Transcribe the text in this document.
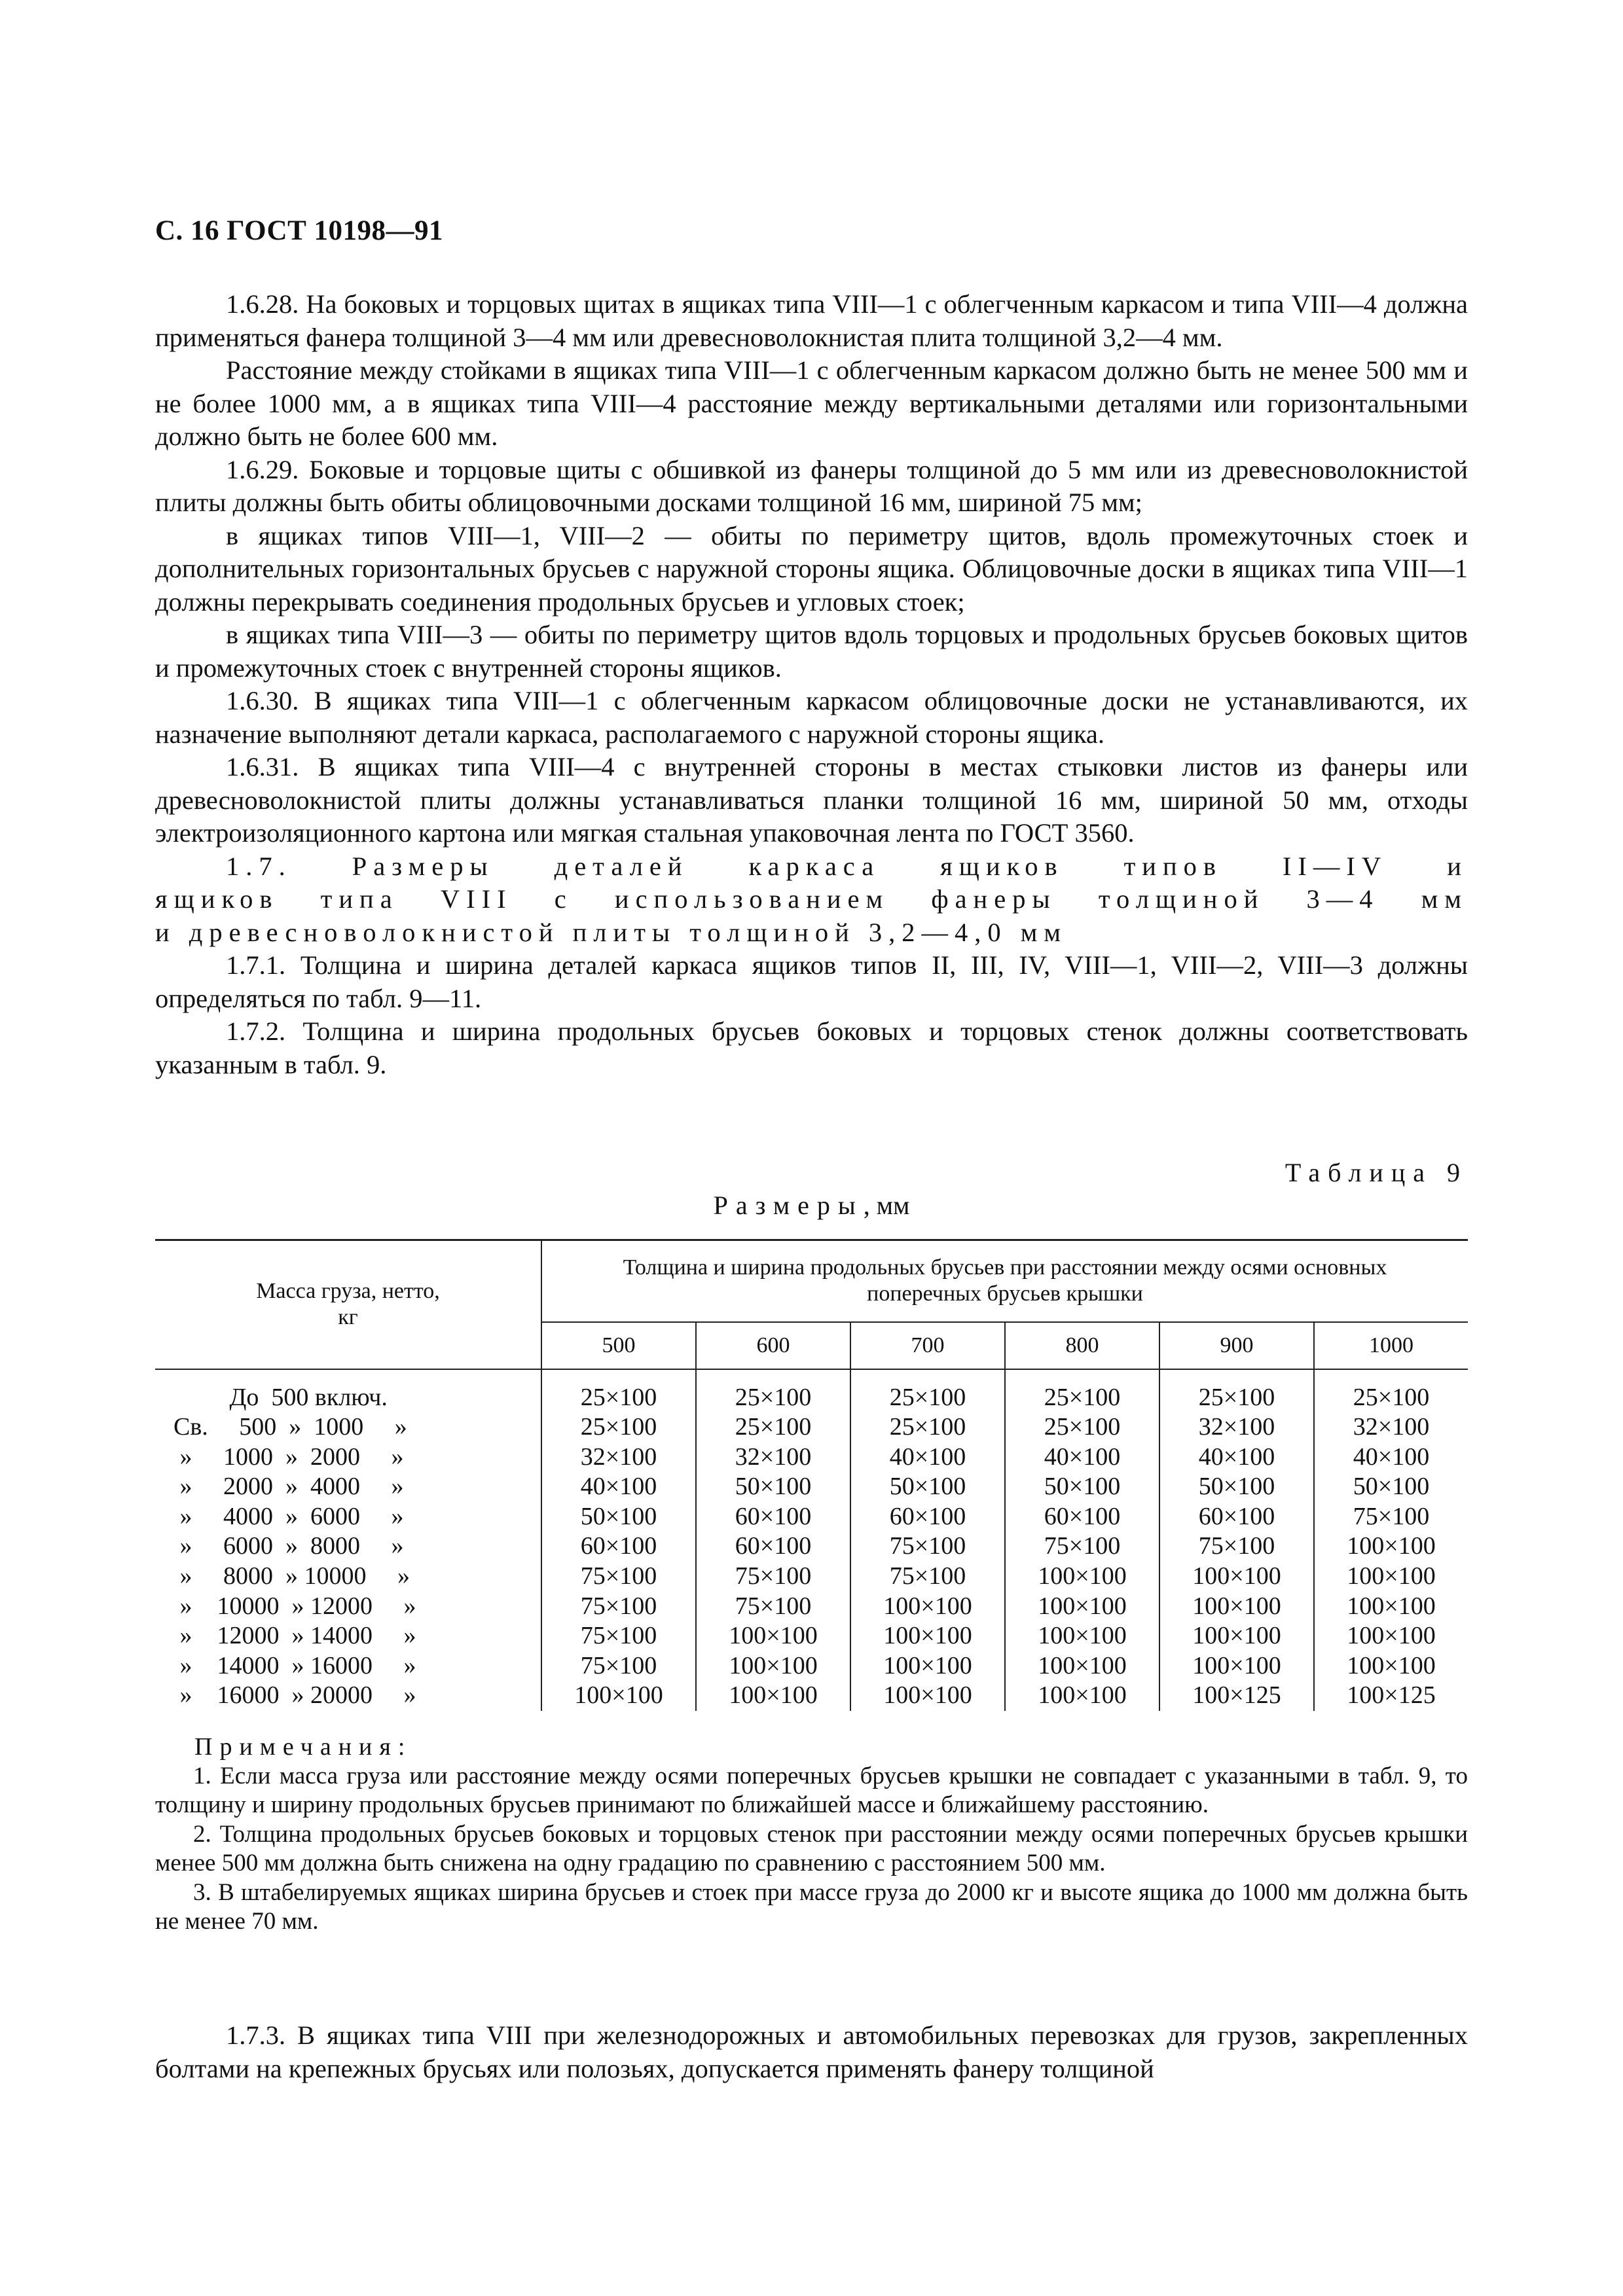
С. 16 ГОСТ 10198—91

1.6.28. На боковых и торцовых щитах в ящиках типа VIII—1 с облегченным каркасом и типа VIII—4 должна применяться фанера толщиной 3—4 мм или древесноволокнистая плита толщиной 3,2—4 мм.

Расстояние между стойками в ящиках типа VIII—1 с облегченным каркасом должно быть не менее 500 мм и не более 1000 мм, а в ящиках типа VIII—4 расстояние между вертикальными деталями или горизонтальными должно быть не более 600 мм.

1.6.29. Боковые и торцовые щиты с обшивкой из фанеры толщиной до 5 мм или из древесноволокнистой плиты должны быть обиты облицовочными досками толщиной 16 мм, шириной 75 мм;

в ящиках типов VIII—1, VIII—2 — обиты по периметру щитов, вдоль промежуточных стоек и дополнительных горизонтальных брусьев с наружной стороны ящика. Облицовочные доски в ящиках типа VIII—1 должны перекрывать соединения продольных брусьев и угловых стоек;

в ящиках типа VIII—3 — обиты по периметру щитов вдоль торцовых и продольных брусьев боковых щитов и промежуточных стоек с внутренней стороны ящиков.

1.6.30. В ящиках типа VIII—1 с облегченным каркасом облицовочные доски не устанавливаются, их назначение выполняют детали каркаса, располагаемого с наружной стороны ящика.

1.6.31. В ящиках типа VIII—4 с внутренней стороны в местах стыковки листов из фанеры или древесноволокнистой плиты должны устанавливаться планки толщиной 16 мм, шириной 50 мм, отходы электроизоляционного картона или мягкая стальная упаковочная лента по ГОСТ 3560.

1.7. Размеры деталей каркаса ящиков типов II—IV и

ящиков типа VIII с использованием фанеры толщиной 3—4 мм

и древесноволокнистой плиты толщиной 3,2—4,0 мм

1.7.1. Толщина и ширина деталей каркаса ящиков типов II, III, IV, VIII—1, VIII—2, VIII—3 должны определяться по табл. 9—11.

1.7.2. Толщина и ширина продольных брусьев боковых и торцовых стенок должны соответствовать указанным в табл. 9.

Таблица 9
Размеры, мм
Масса груза, нетто, кг	Толщина и ширина продольных брусьев при расстоянии между осями основных поперечных брусьев крышки					
	500	600	700	800	900	1000
До  500 включ.	25×100	25×100	25×100	25×100	25×100	25×100
Св.     500  »  1000     »	25×100	25×100	25×100	25×100	32×100	32×100
»     1000  »  2000     »	32×100	32×100	40×100	40×100	40×100	40×100
»     2000  »  4000     »	40×100	50×100	50×100	50×100	50×100	50×100
»     4000  »  6000     »	50×100	60×100	60×100	60×100	60×100	75×100
»     6000  »  8000     »	60×100	60×100	75×100	75×100	75×100	100×100
»     8000  » 10000     »	75×100	75×100	75×100	100×100	100×100	100×100
»    10000  » 12000     »	75×100	75×100	100×100	100×100	100×100	100×100
»    12000  » 14000     »	75×100	100×100	100×100	100×100	100×100	100×100
»    14000  » 16000     »	75×100	100×100	100×100	100×100	100×100	100×100
»    16000  » 20000     »	100×100	100×100	100×100	100×100	100×125	100×125

Примечания:

1. Если масса груза или расстояние между осями поперечных брусьев крышки не совпадает с указанными в табл. 9, то толщину и ширину продольных брусьев принимают по ближайшей массе и ближайшему расстоянию.

2. Толщина продольных брусьев боковых и торцовых стенок при расстоянии между осями поперечных брусьев крышки менее 500 мм должна быть снижена на одну градацию по сравнению с расстоянием 500 мм.

3. В штабелируемых ящиках ширина брусьев и стоек при массе груза до 2000 кг и высоте ящика до 1000 мм должна быть не менее 70 мм.

1.7.3. В ящиках типа VIII при железнодорожных и автомобильных перевозках для грузов, закрепленных болтами на крепежных брусьях или полозьях, допускается применять фанеру толщиной
